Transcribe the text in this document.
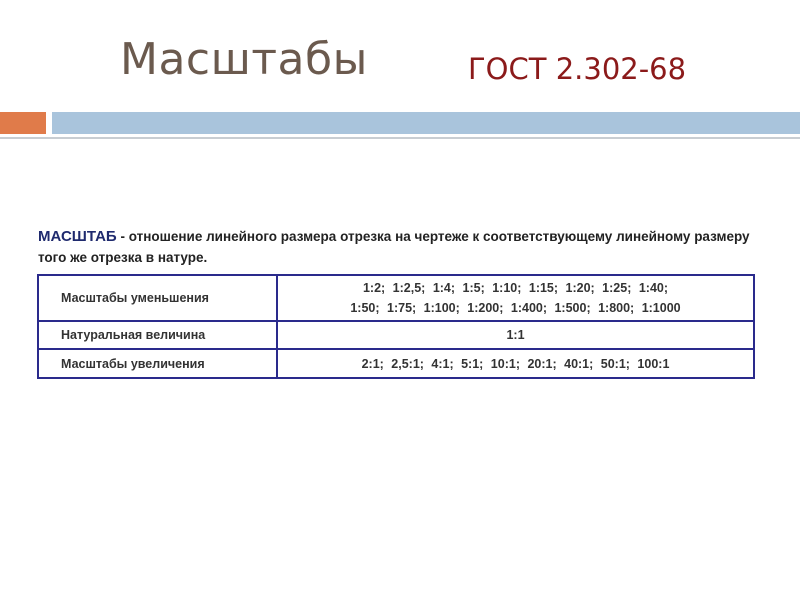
Масштабы	ГОСТ 2.302-68
МАСШТАБ - отношение линейного размера отрезка на чертеже к соответствующему линейному размеру того же отрезка в натуре.
Масштабы уменьшения	1:2; 1:2,5; 1:4; 1:5; 1:10; 1:15; 1:20; 1:25; 1:40;
1:50; 1:75; 1:100; 1:200; 1:400; 1:500; 1:800; 1:1000

Натуральная величина	1:1

Масштабы увеличения	2:1; 2,5:1; 4:1; 5:1; 10:1; 20:1; 40:1; 50:1; 100:1
